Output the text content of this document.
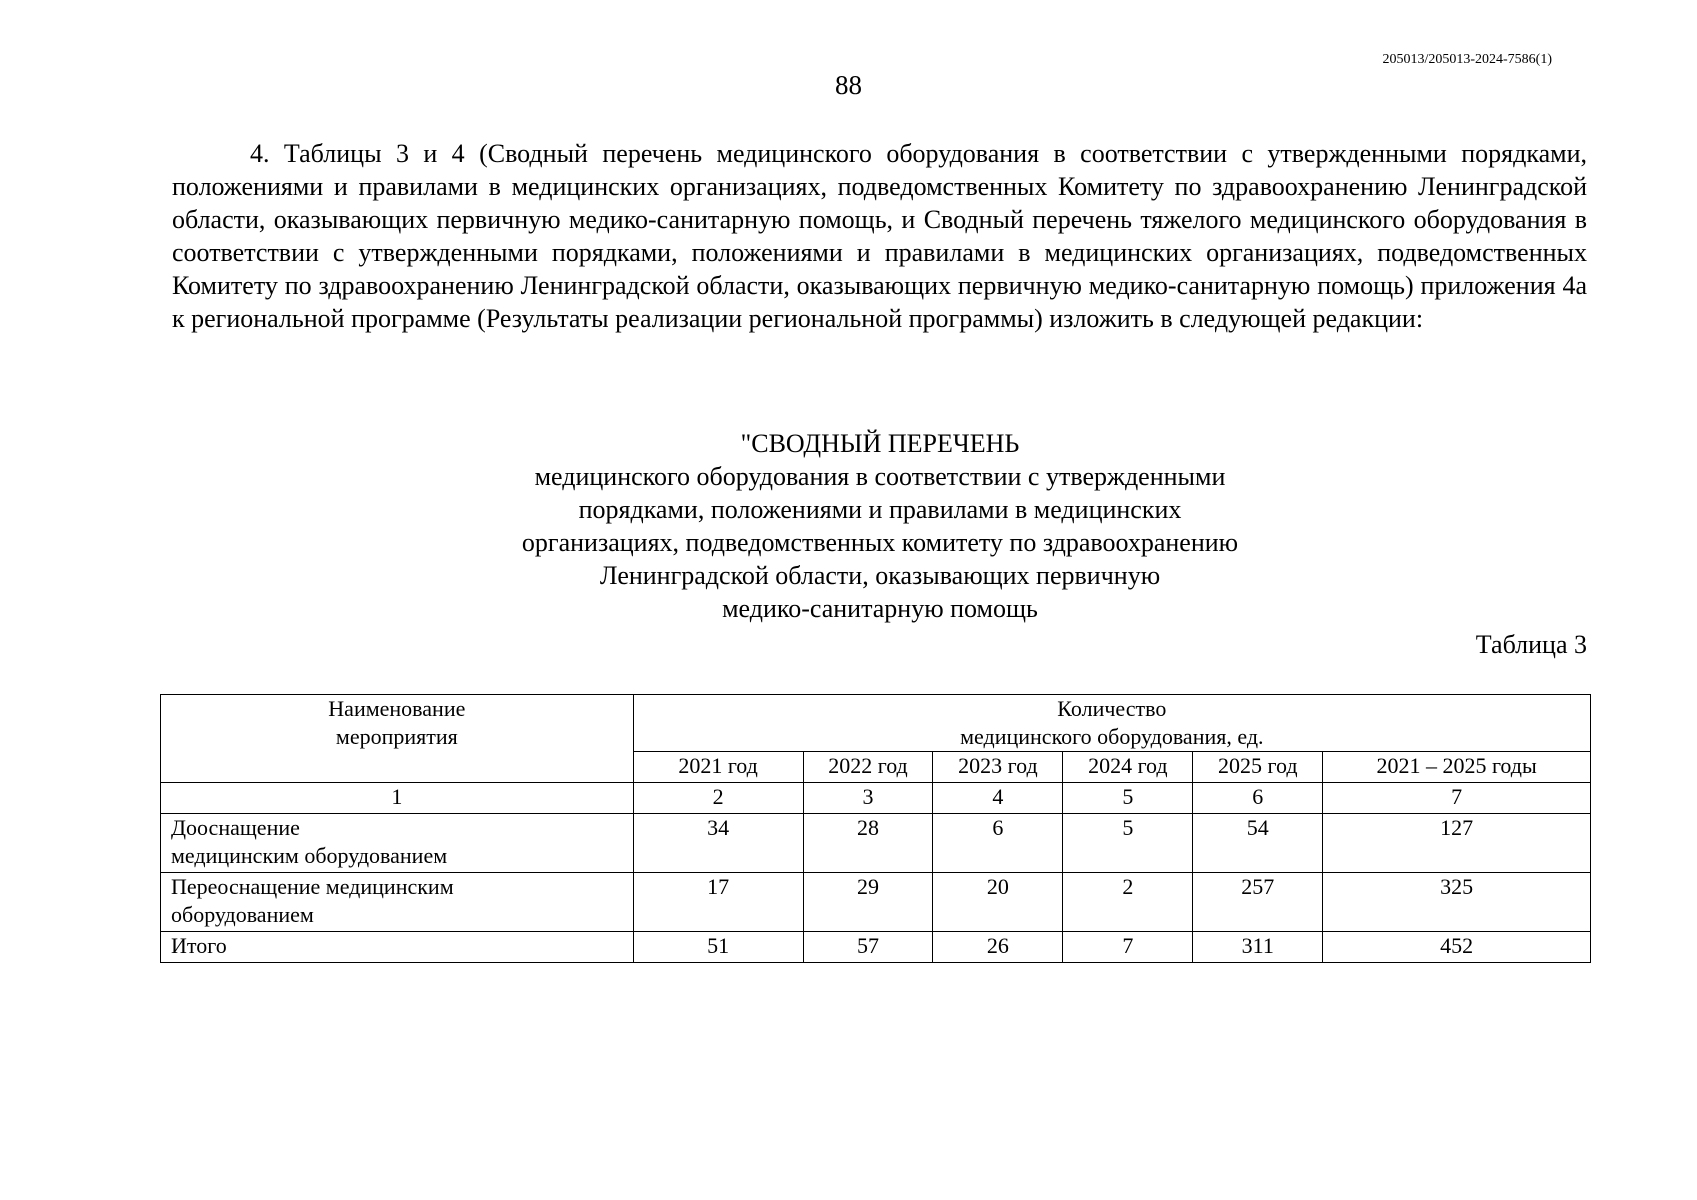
205013/205013-2024-7586(1)
88

4. Таблицы 3 и 4 (Сводный перечень медицинского оборудования в соответствии с утвержденными порядками, положениями и правилами в медицинских организациях, подведомственных Комитету по здравоохранению Ленинградской области, оказывающих первичную медико-санитарную помощь, и Сводный перечень тяжелого медицинского оборудования в соответствии с утвержденными порядками, положениями и правилами в медицинских организациях, подведомственных Комитету по здравоохранению Ленинградской области, оказывающих первичную медико-санитарную помощь) приложения 4а к региональной программе (Результаты реализации региональной программы) изложить в следующей редакции:

"СВОДНЫЙ ПЕРЕЧЕНЬ
медицинского оборудования в соответствии с утвержденными
порядками, положениями и правилами в медицинских
организациях, подведомственных комитету по здравоохранению
Ленинградской области, оказывающих первичную
медико-санитарную помощь
Таблица 3
Наименование
мероприятия	Количество
медицинского оборудования, ед.					
	2021 год	2022 год	2023 год	2024 год	2025 год	2021 – 2025 годы
1	2	3	4	5	6	7
Дооснащение
медицинским оборудованием	34	28	6	5	54	127
Переоснащение медицинским
оборудованием	17	29	20	2	257	325
Итого	51	57	26	7	311	452
